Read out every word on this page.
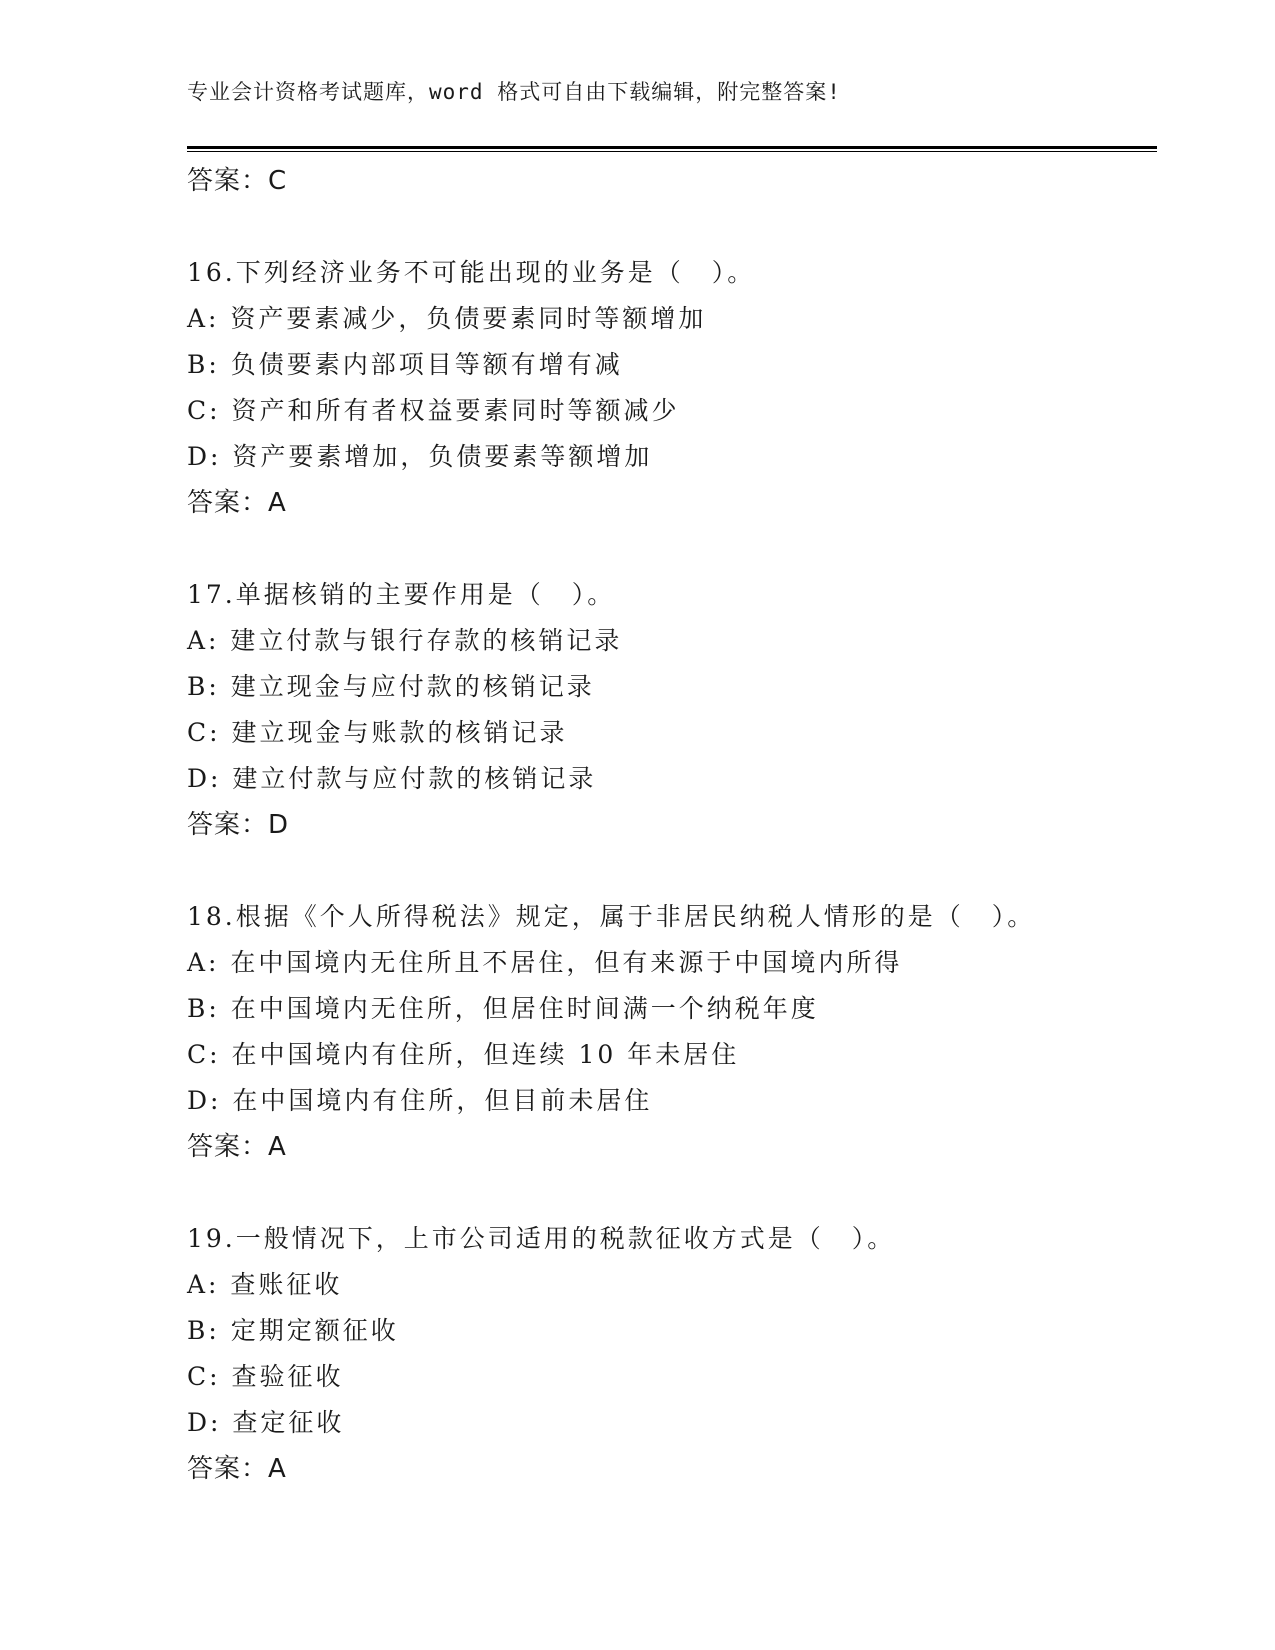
专业会计资格考试题库，word 格式可自由下载编辑，附完整答案!
答案：C
16.下列经济业务不可能出现的业务是（　）。
A: 资产要素减少，负债要素同时等额增加
B: 负债要素内部项目等额有增有减
C: 资产和所有者权益要素同时等额减少
D: 资产要素增加，负债要素等额增加
答案：A
17.单据核销的主要作用是（　）。
A: 建立付款与银行存款的核销记录
B: 建立现金与应付款的核销记录
C: 建立现金与账款的核销记录
D: 建立付款与应付款的核销记录
答案：D
18.根据《个人所得税法》规定，属于非居民纳税人情形的是（　）。
A: 在中国境内无住所且不居住，但有来源于中国境内所得
B: 在中国境内无住所，但居住时间满一个纳税年度
C: 在中国境内有住所，但连续 10 年未居住
D: 在中国境内有住所，但目前未居住
答案：A
19.一般情况下，上市公司适用的税款征收方式是（　）。
A: 查账征收
B: 定期定额征收
C: 查验征收
D: 查定征收
答案：A
